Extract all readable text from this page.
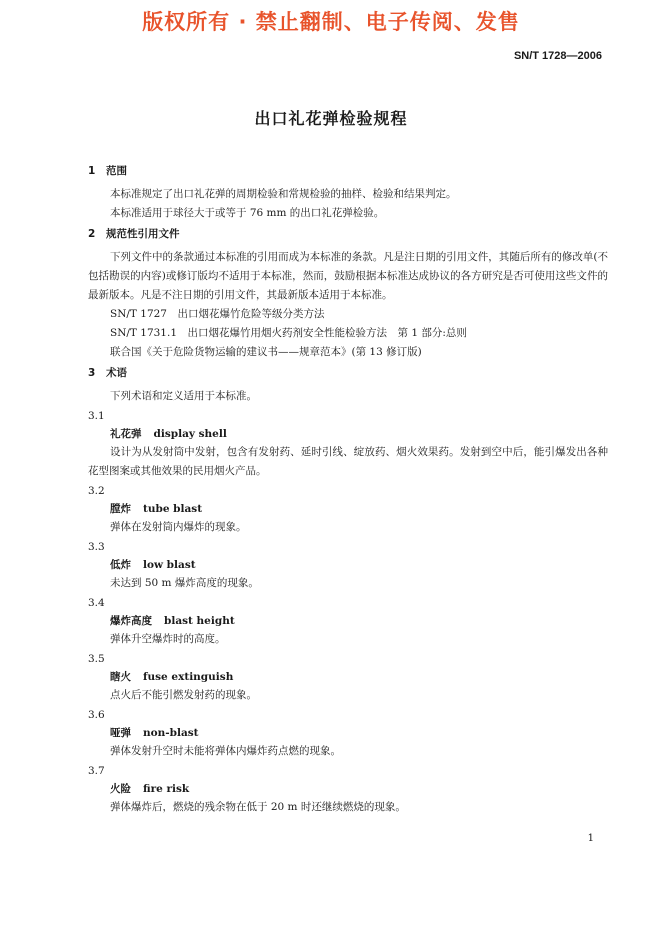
版权所有 · 禁止翻制、电子传阅、发售
SN/T 1728—2006
出口礼花弹检验规程
1 范围
本标准规定了出口礼花弹的周期检验和常规检验的抽样、检验和结果判定。
本标准适用于球径大于或等于 76 mm 的出口礼花弹检验。
2 规范性引用文件
下列文件中的条款通过本标准的引用而成为本标准的条款。凡是注日期的引用文件，其随后所有的修改单(不包括勘误的内容)或修订版均不适用于本标准，然而，鼓励根据本标准达成协议的各方研究是否可使用这些文件的最新版本。凡是不注日期的引用文件，其最新版本适用于本标准。
SN/T 1727　出口烟花爆竹危险等级分类方法
SN/T 1731.1　出口烟花爆竹用烟火药剂安全性能检验方法　第 1 部分:总则
联合国《关于危险货物运输的建议书——规章范本》(第 13 修订版)
3 术语
下列术语和定义适用于本标准。
3.1
礼花弹 display shell
设计为从发射筒中发射，包含有发射药、延时引线、绽放药、烟火效果药。发射到空中后，能引爆发出各种花型图案或其他效果的民用烟火产品。
3.2
膛炸 tube blast
弹体在发射筒内爆炸的现象。
3.3
低炸 low blast
未达到 50 m 爆炸高度的现象。
3.4
爆炸高度 blast height
弹体升空爆炸时的高度。
3.5
瞎火 fuse extinguish
点火后不能引燃发射药的现象。
3.6
哑弹 non-blast
弹体发射升空时未能将弹体内爆炸药点燃的现象。
3.7
火险 fire risk
弹体爆炸后，燃烧的残余物在低于 20 m 时还继续燃烧的现象。
1
